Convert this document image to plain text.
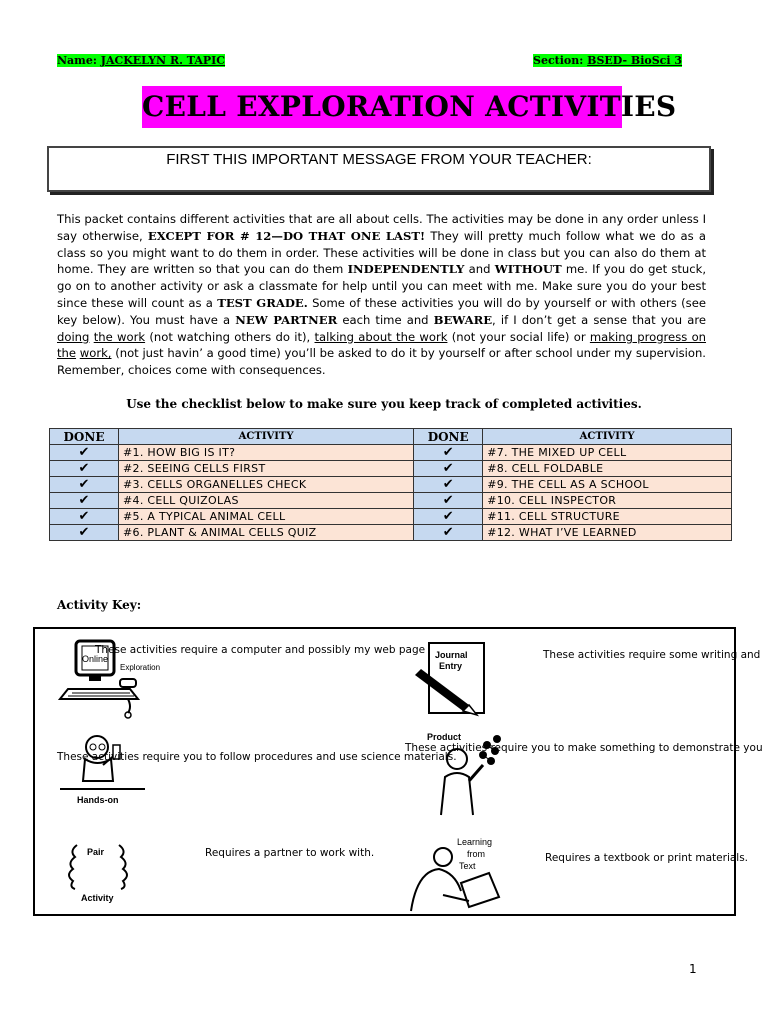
Name: JACKELYN R. TAPIC	Section: BSED- BioSci 3
CELL EXPLORATION ACTIVITIES
FIRST THIS IMPORTANT MESSAGE FROM YOUR TEACHER:
This packet contains different activities that are all about cells. The activities may be done in any order unless I say otherwise, EXCEPT FOR # 12—DO THAT ONE LAST! They will pretty much follow what we do as a class so you might want to do them in order. These activities will be done in class but you can also do them at home. They are written so that you can do them INDEPENDENTLY and WITHOUT me. If you do get stuck, go on to another activity or ask a classmate for help until you can meet with me. Make sure you do your best since these will count as a TEST GRADE. Some of these activities you will do by yourself or with others (see key below). You must have a NEW PARTNER each time and BEWARE, if I don’t get a sense that you are doing the work (not watching others do it), talking about the work (not your social life) or making progress on the work, (not just havin’ a good time) you’ll be asked to do it by yourself or after school under my supervision. Remember, choices come with consequences.
Use the checklist below to make sure you keep track of completed activities.
DONE	ACTIVITY	DONE	ACTIVITY
✔	#1. HOW BIG IS IT?	✔	#7. THE MIXED UP CELL
✔	#2. SEEING CELLS FIRST	✔	#8. CELL FOLDABLE
✔	#3. CELLS ORGANELLES CHECK	✔	#9. THE CELL AS A SCHOOL
✔	#4. CELL QUIZOLAS	✔	#10. CELL INSPECTOR
✔	#5. A TYPICAL ANIMAL CELL	✔	#11. CELL STRUCTURE
✔	#6. PLANT & ANIMAL CELLS QUIZ	✔	#12. WHAT I’VE LEARNED
Activity Key:
Online
Exploration
These activities require a computer and possibly my web page Journal
Entry
These activities require some writing and
Hands-on
These activities require you to follow procedures and use science materials.
Product
These activities require you to make something to demonstrate you
Pair
Activity
Requires a partner to work with.
Learning
from
Text
Requires a textbook or print materials.
1
